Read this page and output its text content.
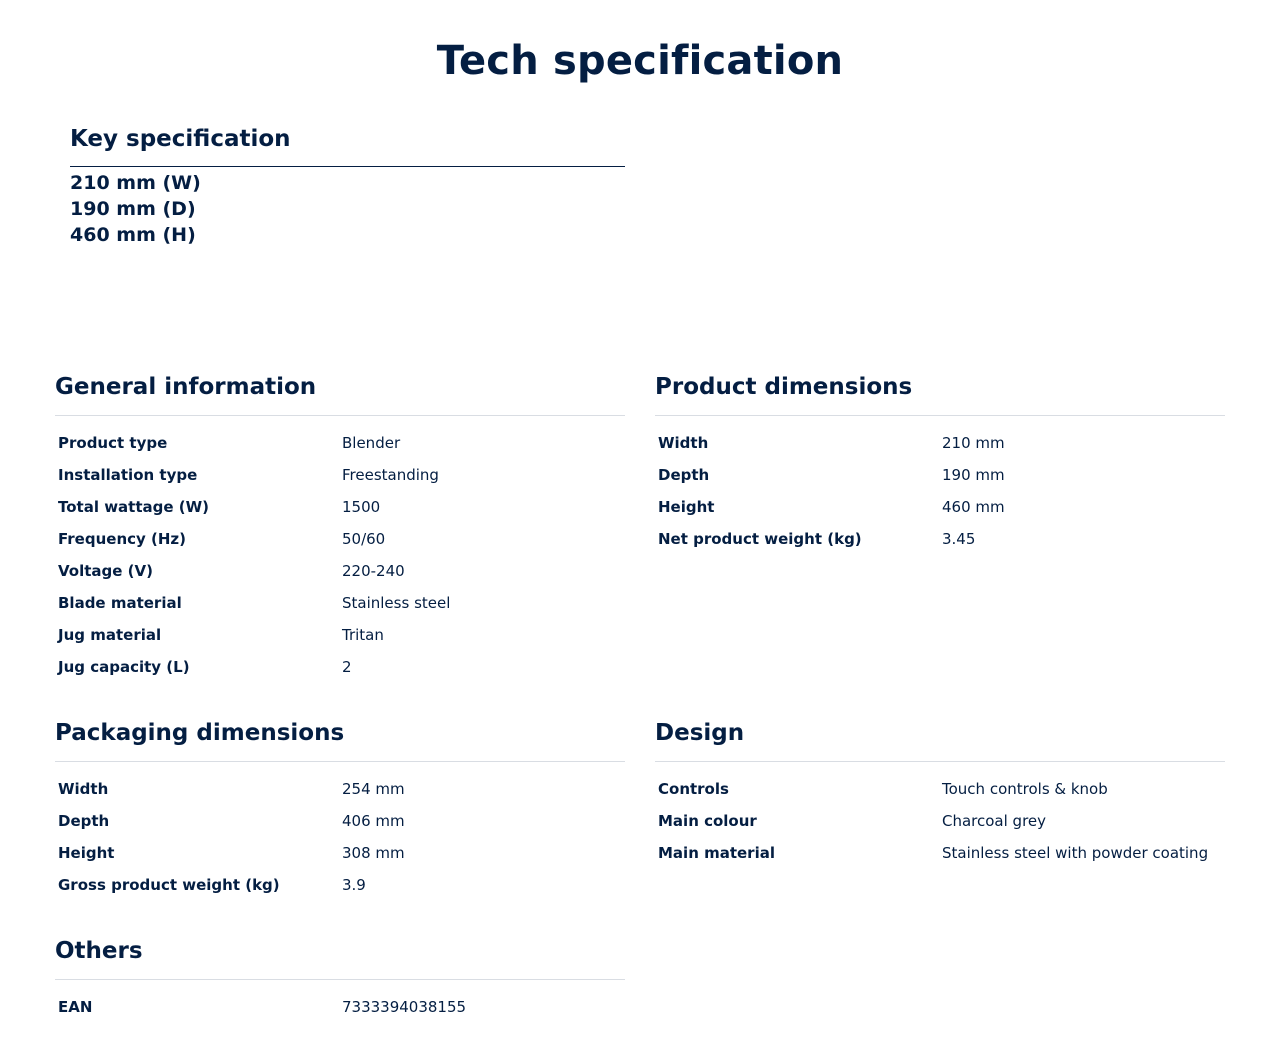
Tech specification
Key specification
210 mm (W)
190 mm (D)
460 mm (H)
General information
Product type	Blender
Installation type	Freestanding
Total wattage (W)	1500
Frequency (Hz)	50/60
Voltage (V)	220-240
Blade material	Stainless steel
Jug material	Tritan
Jug capacity (L)	2
Product dimensions
Width	210 mm
Depth	190 mm
Height	460 mm
Net product weight (kg)	3.45
Packaging dimensions
Width	254 mm
Depth	406 mm
Height	308 mm
Gross product weight (kg)	3.9
Design
Controls	Touch controls & knob
Main colour	Charcoal grey
Main material	Stainless steel with powder coating
Others
EAN	7333394038155
